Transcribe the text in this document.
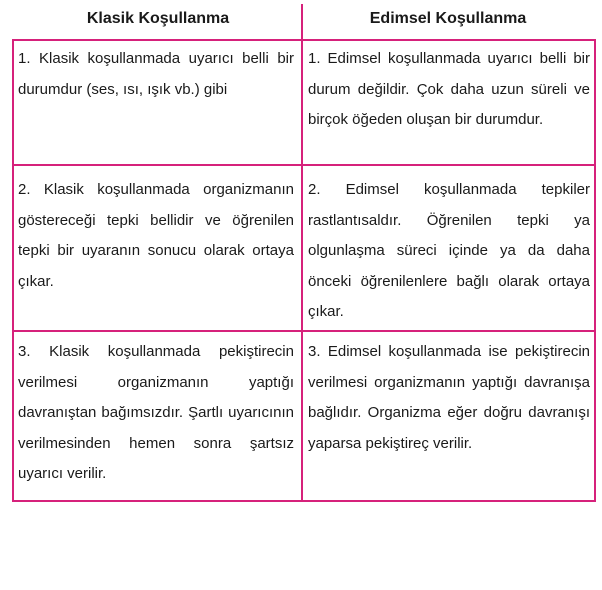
Klasik Koşullanma	Edimsel Koşullanma
1. Klasik koşullanmada uyarıcı belli bir durumdur (ses, ısı, ışık vb.) gibi
1. Edimsel koşullanmada uyarıcı belli bir durum değildir. Çok daha uzun süreli ve birçok öğeden oluşan bir durumdur.
2. Klasik koşullanmada organizmanın göstereceği tepki bellidir ve öğrenilen tepki bir uyaranın sonucu olarak ortaya çıkar.
2. Edimsel koşullanmada tepkiler rastlantısaldır. Öğrenilen tepki ya olgunlaşma süreci içinde ya da daha önceki öğrenilenlere bağlı olarak ortaya çıkar.
3. Klasik koşullanmada pekiştirecin verilmesi organizmanın yaptığı davranıştan bağımsızdır. Şartlı uyarıcının verilmesinden hemen sonra şartsız uyarıcı verilir.
3. Edimsel koşullanmada ise pekiştirecin verilmesi organizmanın yaptığı davranışa bağlıdır. Organizma eğer doğru davranışı yaparsa pekiştireç verilir.
